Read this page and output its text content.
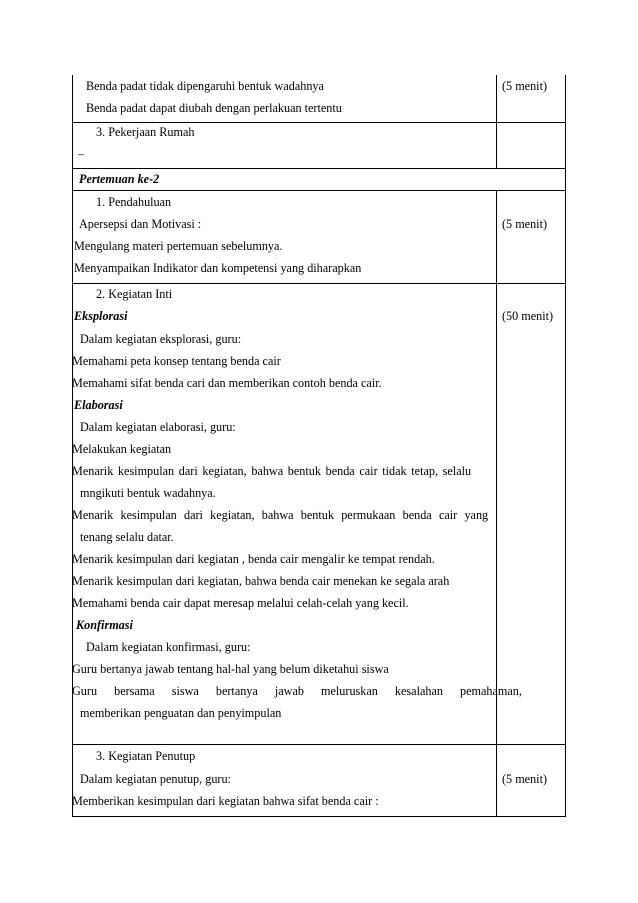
Benda padat tidak dipengaruhi bentuk wadahnya
Benda padat dapat diubah dengan perlakuan tertentu
(5 menit)
3. Pekerjaan Rumah
–
Pertemuan ke-2
1. Pendahuluan
Apersepsi dan Motivasi :
Mengulang materi pertemuan sebelumnya.
Menyampaikan Indikator dan kompetensi yang diharapkan
(5 menit)
2. Kegiatan Inti
Eksplorasi
Dalam kegiatan eksplorasi, guru:
Memahami peta konsep tentang benda cair
Memahami sifat benda cari dan memberikan contoh benda cair.
Elaborasi
Dalam kegiatan elaborasi, guru:
Melakukan kegiatan
Menarik kesimpulan dari kegiatan, bahwa bentuk benda cair tidak tetap, selalu
mngikuti bentuk wadahnya.
Menarik kesimpulan dari kegiatan, bahwa bentuk permukaan benda cair yang
tenang selalu datar.
Menarik kesimpulan dari kegiatan , benda cair mengalir ke tempat rendah.
Menarik kesimpulan dari kegiatan, bahwa benda cair menekan ke segala arah
Memahami benda cair dapat meresap melalui celah-celah yang kecil.
Konfirmasi
Dalam kegiatan konfirmasi, guru:
Guru bertanya jawab tentang hal-hal yang belum diketahui siswa
Guru bersama siswa bertanya jawab meluruskan kesalahan pemahaman,
memberikan penguatan dan penyimpulan
(50 menit)
3. Kegiatan Penutup
Dalam kegiatan penutup, guru:
Memberikan kesimpulan dari kegiatan bahwa sifat benda cair :
(5 menit)
